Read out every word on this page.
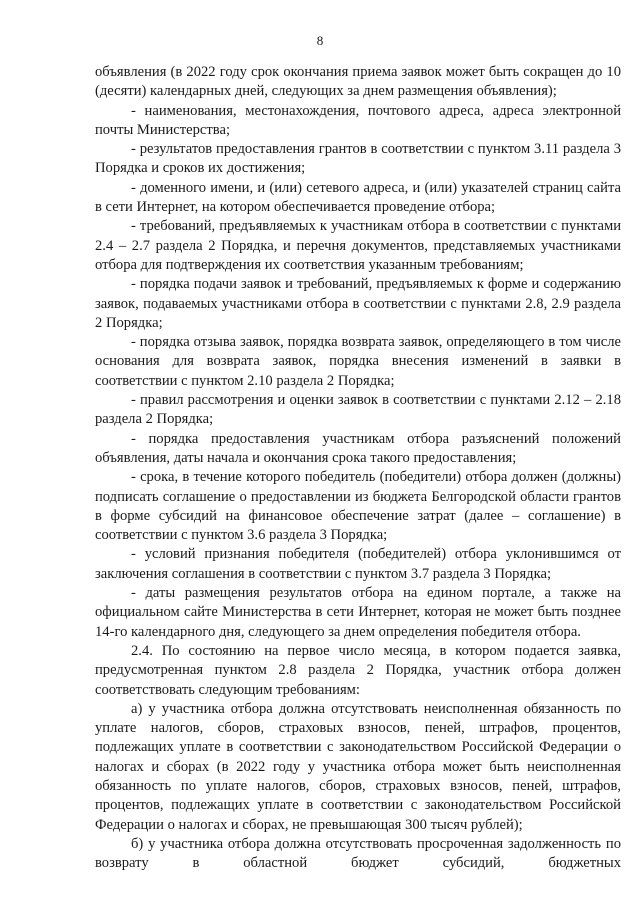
8

объявления (в 2022 году срок окончания приема заявок может быть сокращен до 10 (десяти) календарных дней, следующих за днем размещения объявления);

- наименования, местонахождения, почтового адреса, адреса электронной почты Министерства;

- результатов предоставления грантов в соответствии с пунктом 3.11 раздела 3 Порядка и сроков их достижения;

- доменного имени, и (или) сетевого адреса, и (или) указателей страниц сайта в сети Интернет, на котором обеспечивается проведение отбора;

- требований, предъявляемых к участникам отбора в соответствии с пунктами 2.4 – 2.7 раздела 2 Порядка, и перечня документов, представляемых участниками отбора для подтверждения их соответствия указанным требованиям;

- порядка подачи заявок и требований, предъявляемых к форме и содержанию заявок, подаваемых участниками отбора в соответствии с пунктами 2.8, 2.9 раздела 2 Порядка;

- порядка отзыва заявок, порядка возврата заявок, определяющего в том числе основания для возврата заявок, порядка внесения изменений в заявки в соответствии с пунктом 2.10 раздела 2 Порядка;

- правил рассмотрения и оценки заявок в соответствии с пунктами 2.12 – 2.18 раздела 2 Порядка;

- порядка предоставления участникам отбора разъяснений положений объявления, даты начала и окончания срока такого предоставления;

- срока, в течение которого победитель (победители) отбора должен (должны) подписать соглашение о предоставлении из бюджета Белгородской области грантов в форме субсидий на финансовое обеспечение затрат (далее – соглашение) в соответствии с пунктом 3.6 раздела 3 Порядка;

- условий признания победителя (победителей) отбора уклонившимся от заключения соглашения в соответствии с пунктом 3.7 раздела 3 Порядка;

- даты размещения результатов отбора на едином портале, а также на официальном сайте Министерства в сети Интернет, которая не может быть позднее 14-го календарного дня, следующего за днем определения победителя отбора.

2.4. По состоянию на первое число месяца, в котором подается заявка, предусмотренная пунктом 2.8 раздела 2 Порядка, участник отбора должен соответствовать следующим требованиям:

а) у участника отбора должна отсутствовать неисполненная обязанность по уплате налогов, сборов, страховых взносов, пеней, штрафов, процентов, подлежащих уплате в соответствии с законодательством Российской Федерации о налогах и сборах (в 2022 году у участника отбора может быть неисполненная обязанность по уплате налогов, сборов, страховых взносов, пеней, штрафов, процентов, подлежащих уплате в соответствии с законодательством Российской Федерации о налогах и сборах, не превышающая 300 тысяч рублей);

б) у участника отбора должна отсутствовать просроченная задолженность по возврату в областной бюджет субсидий, бюджетных
